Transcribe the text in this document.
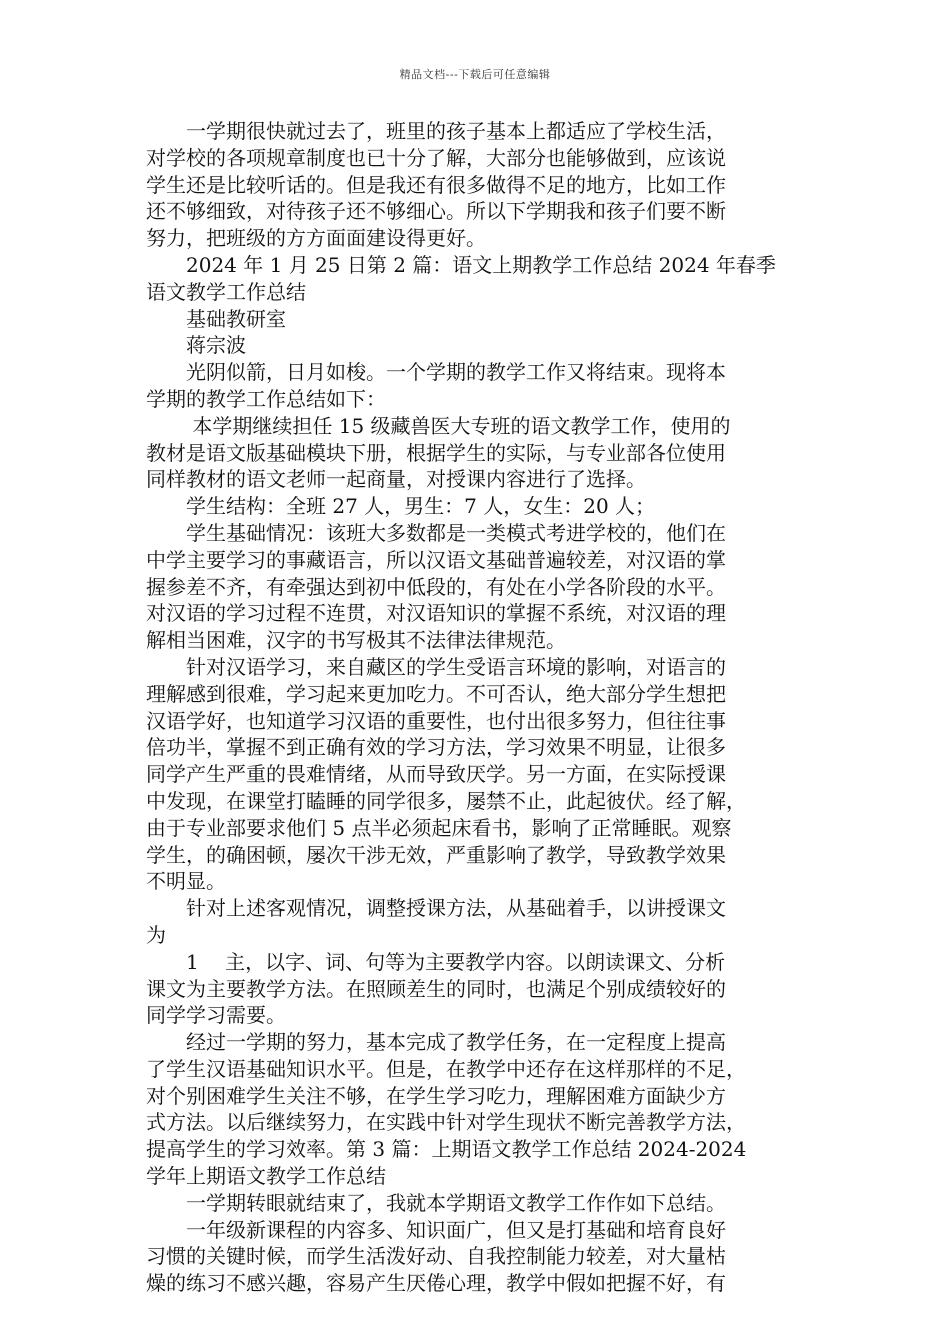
精品文档---下载后可任意编辑
　　一学期很快就过去了，班里的孩子基本上都适应了学校生活，
对学校的各项规章制度也已十分了解，大部分也能够做到，应该说
学生还是比较听话的。但是我还有很多做得不足的地方，比如工作
还不够细致，对待孩子还不够细心。所以下学期我和孩子们要不断
努力，把班级的方方面面建设得更好。
　　2024 年 1 月 25 日第 2 篇：语文上期教学工作总结 2024 年春季
语文教学工作总结
　　基础教研室
　　蒋宗波
　　光阴似箭，日月如梭。一个学期的教学工作又将结束。现将本
学期的教学工作总结如下：
　　 本学期继续担任 15 级藏兽医大专班的语文教学工作，使用的
教材是语文版基础模块下册，根据学生的实际，与专业部各位使用
同样教材的语文老师一起商量，对授课内容进行了选择。
　　学生结构：全班 27 人，男生：7 人，女生：20 人；
　　学生基础情况：该班大多数都是一类模式考进学校的，他们在
中学主要学习的事藏语言，所以汉语文基础普遍较差，对汉语的掌
握参差不齐，有牵强达到初中低段的，有处在小学各阶段的水平。
对汉语的学习过程不连贯，对汉语知识的掌握不系统，对汉语的理
解相当困难，汉字的书写极其不法律法律规范。
　　针对汉语学习，来自藏区的学生受语言环境的影响，对语言的
理解感到很难，学习起来更加吃力。不可否认，绝大部分学生想把
汉语学好，也知道学习汉语的重要性，也付出很多努力，但往往事
倍功半，掌握不到正确有效的学习方法，学习效果不明显，让很多
同学产生严重的畏难情绪，从而导致厌学。另一方面，在实际授课
中发现，在课堂打瞌睡的同学很多，屡禁不止，此起彼伏。经了解，
由于专业部要求他们 5 点半必须起床看书，影响了正常睡眠。观察
学生，的确困顿，屡次干涉无效，严重影响了教学，导致教学效果
不明显。
　　针对上述客观情况，调整授课方法，从基础着手，以讲授课文
为
　　1　 主，以字、词、句等为主要教学内容。以朗读课文、分析
课文为主要教学方法。在照顾差生的同时，也满足个别成绩较好的
同学学习需要。
　　经过一学期的努力，基本完成了教学任务，在一定程度上提高
了学生汉语基础知识水平。但是，在教学中还存在这样那样的不足，
对个别困难学生关注不够，在学生学习吃力，理解困难方面缺少方
式方法。以后继续努力，在实践中针对学生现状不断完善教学方法，
提高学生的学习效率。第 3 篇：上期语文教学工作总结 2024-2024
学年上期语文教学工作总结
　　一学期转眼就结束了，我就本学期语文教学工作作如下总结。
　　一年级新课程的内容多、知识面广，但又是打基础和培育良好
习惯的关键时候，而学生活泼好动、自我控制能力较差，对大量枯
燥的练习不感兴趣，容易产生厌倦心理，教学中假如把握不好，有
